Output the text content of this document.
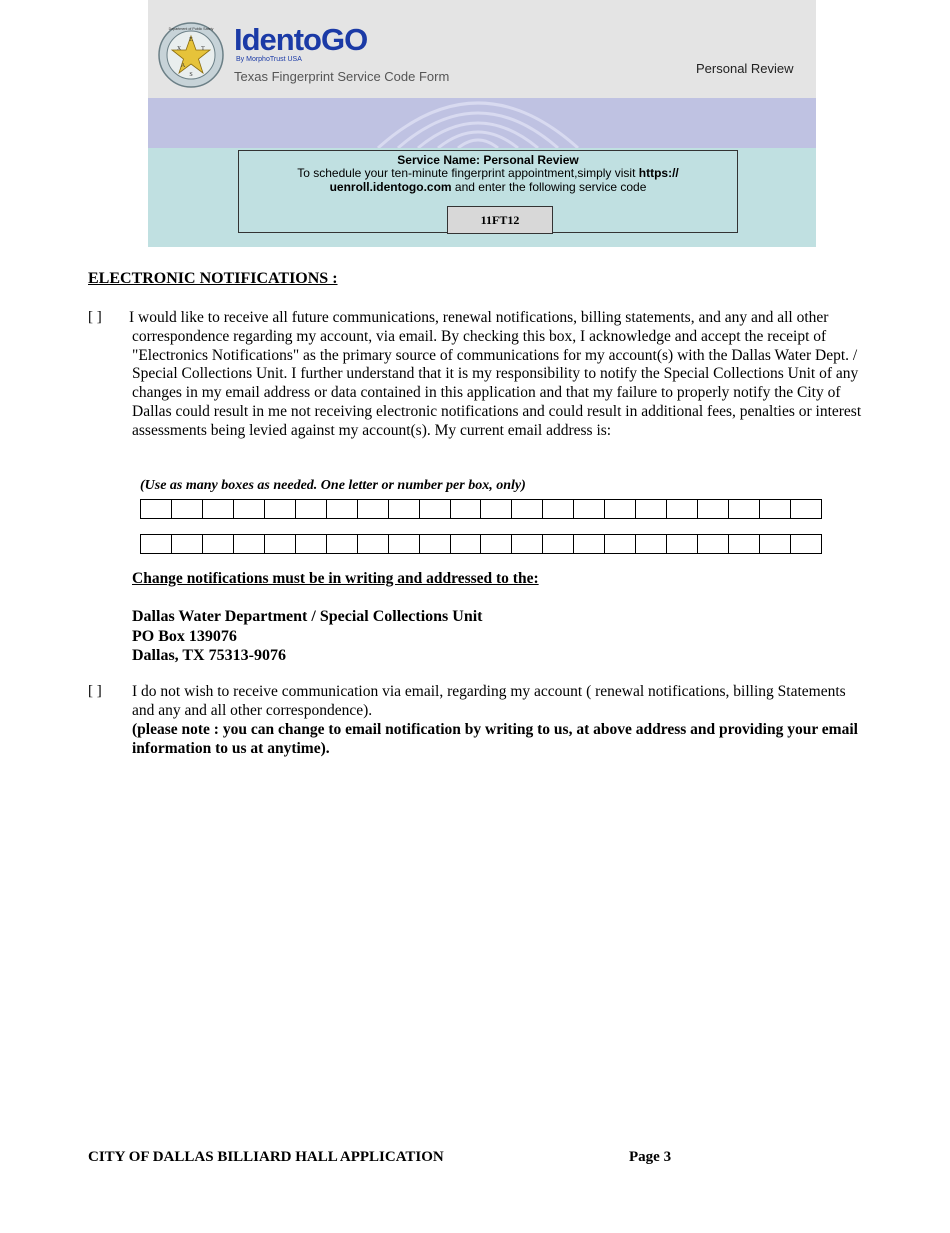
E
X	T
A
S
Department of Public Safety IdentoGO
By MorphoTrust USA
Texas Fingerprint Service Code Form
Personal Review
Service Name: Personal Review
To schedule your ten-minute fingerprint appointment,simply visit https://
uenroll.identogo.com and enter the following service code
11FT12
ELECTRONIC NOTIFICATIONS :
[ ] I would like to receive all future communications, renewal notifications, billing statements, and any and all other correspondence regarding my account, via email. By checking this box, I acknowledge and accept the receipt of "Electronics Notifications" as the primary source of communications for my account(s) with the Dallas Water Dept. / Special Collections Unit. I further understand that it is my responsibility to notify the Special Collections Unit of any changes in my email address or data contained in this application and that my failure to properly notify the City of Dallas could result in me not receiving electronic notifications and could result in additional fees, penalties or interest assessments being levied against my account(s). My current email address is:
(Use as many boxes as needed. One letter or number per box, only)
Change notifications must be in writing and addressed to the:
Dallas Water Department / Special Collections Unit
PO Box 139076
Dallas, TX 75313-9076
[ ] I do not wish to receive communication via email, regarding my account ( renewal notifications, billing Statements and any and all other correspondence).
(please note : you can change to email notification by writing to us, at above address and providing your email information to us at anytime).
CITY OF DALLAS BILLIARD HALL APPLICATION	Page 3
